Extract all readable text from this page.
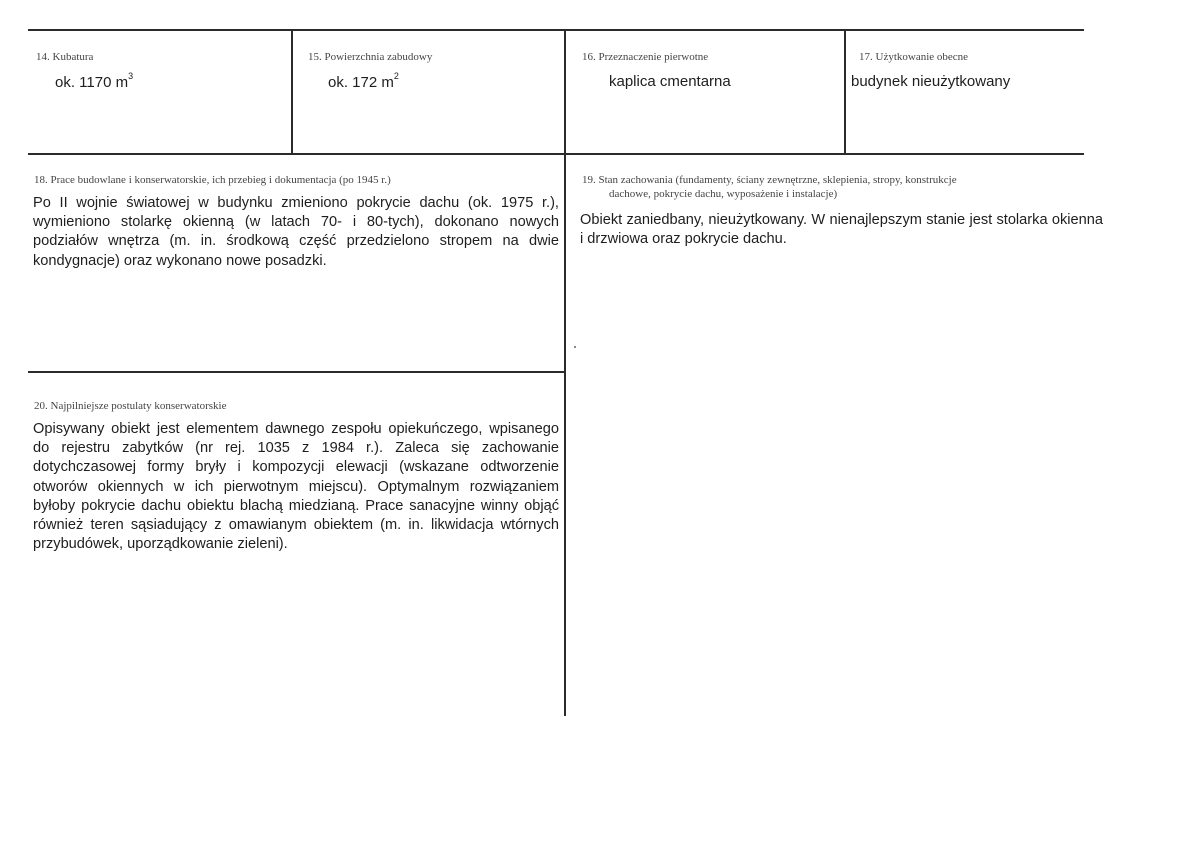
14. Kubatura
ok. 1170 $m^3$
15. Powierzchnia zabudowy
ok. 172 $m^2$
16. Przeznaczenie pierwotne
kaplica cmentarna
17. Użytkowanie obecne
budynek nieużytkowany
18. Prace budowlane i konserwatorskie, ich przebieg i dokumentacja (po 1945 r.)
Po II wojnie światowej w budynku zmieniono pokrycie dachu (ok. 1975 r.), wymieniono stolarkę okienną (w latach 70- i 80-tych), dokonano nowych podziałów wnętrza (m. in. środkową część przedzielono stropem na dwie kondygnacje) oraz wykonano nowe posadzki.
19. Stan zachowania (fundamenty, ściany zewnętrzne, sklepienia, stropy, konstrukcje
dachowe, pokrycie dachu, wyposażenie i instalacje)
Obiekt zaniedbany, nieużytkowany. W nienajlepszym stanie jest stolarka okienna i drzwiowa oraz pokrycie dachu.
20. Najpilniejsze postulaty konserwatorskie
Opisywany obiekt jest elementem dawnego zespołu opiekuńczego, wpisanego do rejestru zabytków (nr rej. 1035 z 1984 r.). Zaleca się zachowanie dotychczasowej formy bryły i kompozycji elewacji (wskazane odtworzenie otworów okiennych w ich pierwotnym miejscu). Optymalnym rozwiązaniem byłoby pokrycie dachu obiektu blachą miedzianą. Prace sanacyjne winny objąć również teren sąsiadujący z omawianym obiektem (m. in. likwidacja wtórnych przybudówek, uporządkowanie zieleni).
